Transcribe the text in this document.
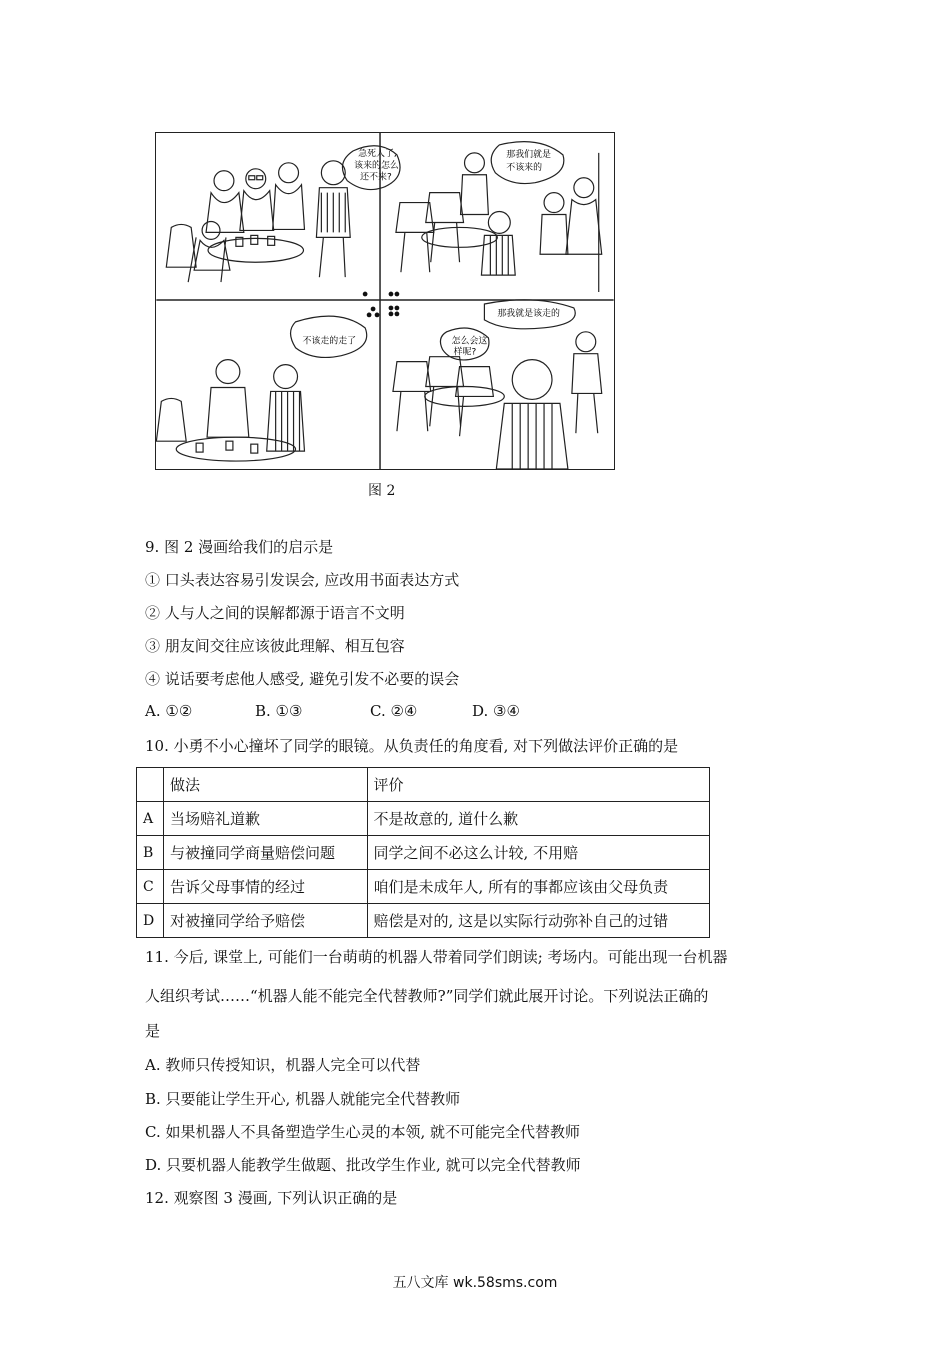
急死人了,
该来的怎么
还不来?
那我们就是
不该来的
不该走的走了	怎么会这
样呢?
那我就是该走的
图 2
9. 图 2 漫画给我们的启示是
① 口头表达容易引发误会, 应改用书面表达方式
② 人与人之间的误解都源于语言不文明
③ 朋友间交往应该彼此理解、相互包容
④ 说话要考虑他人感受, 避免引发不必要的误会
A. ①②	B. ①③	C. ②④	D. ③④
10. 小勇不小心撞坏了同学的眼镜。从负责任的角度看, 对下列做法评价正确的是
	做法	评价
A	当场赔礼道歉	不是故意的, 道什么歉
B	与被撞同学商量赔偿问题	同学之间不必这么计较, 不用赔
C	告诉父母事情的经过	咱们是未成年人, 所有的事都应该由父母负责
D	对被撞同学给予赔偿	赔偿是对的, 这是以实际行动弥补自己的过错
11. 今后, 课堂上, 可能们一台萌萌的机器人带着同学们朗读; 考场内。可能出现一台机器
人组织考试……“机器人能不能完全代替教师?”同学们就此展开讨论。下列说法正确的
是
A. 教师只传授知识，机器人完全可以代替
B. 只要能让学生开心, 机器人就能完全代替教师
C. 如果机器人不具备塑造学生心灵的本领, 就不可能完全代替教师
D. 只要机器人能教学生做题、批改学生作业, 就可以完全代替教师
12. 观察图 3 漫画, 下列认识正确的是
五八文库 wk.58sms.com
